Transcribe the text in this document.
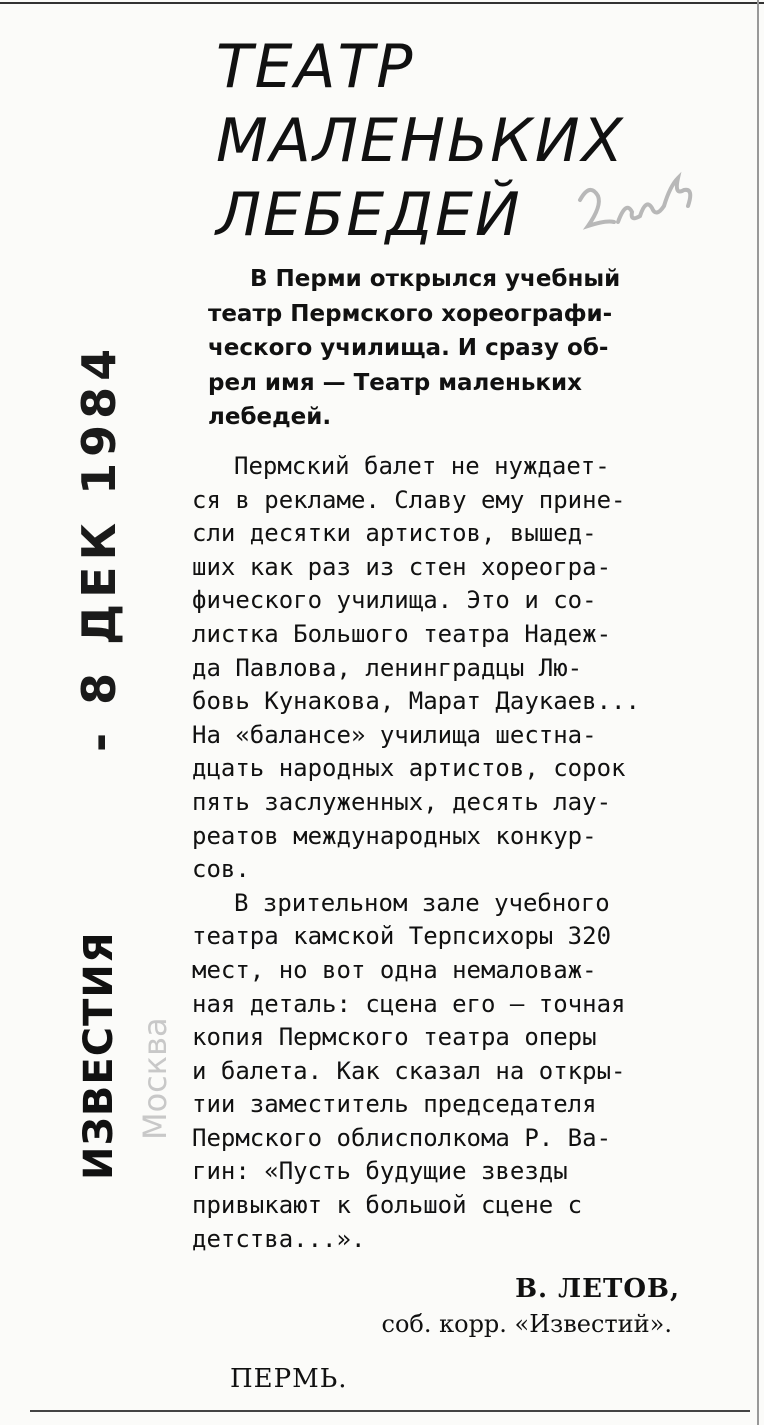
- 8 ДЕК 1984
ИЗВЕСТИЯ Москва
ТЕАТР
МАЛЕНЬКИХ
ЛЕБЕДЕЙ
В Перми открылся учебный
театр Пермского хореографи-
ческого училища. И сразу об-
рел имя — Театр маленьких
лебедей.
Пермский балет не нуждает-
ся в рекламе. Славу ему принe-
сли десятки артистов, вышед-
ших как раз из стен хореогра-
фического училища. Это и со-
листка Большого театра Надеж-
да Павлова, ленинградцы Лю-
бовь Кунакова, Марат Даукаев...
На «балансе» училища шестна-
дцать народных артистов, сорок
пять заслуженных, десять лау-
реатов международных конкур-
сов.
В зрительном зале учебного
театра камской Терпсихоры 320
мест, но вот одна немаловаж-
ная деталь: сцена его — точная
копия Пермского театра оперы
и балета. Как сказал на откры-
тии заместитель председателя
Пермского облисполкома Р. Ва-
гин: «Пусть будущие звезды
привыкают к большой сцене с
детства...».
В. ЛЕТОВ,
соб. корр. «Известий».
ПЕРМЬ.
